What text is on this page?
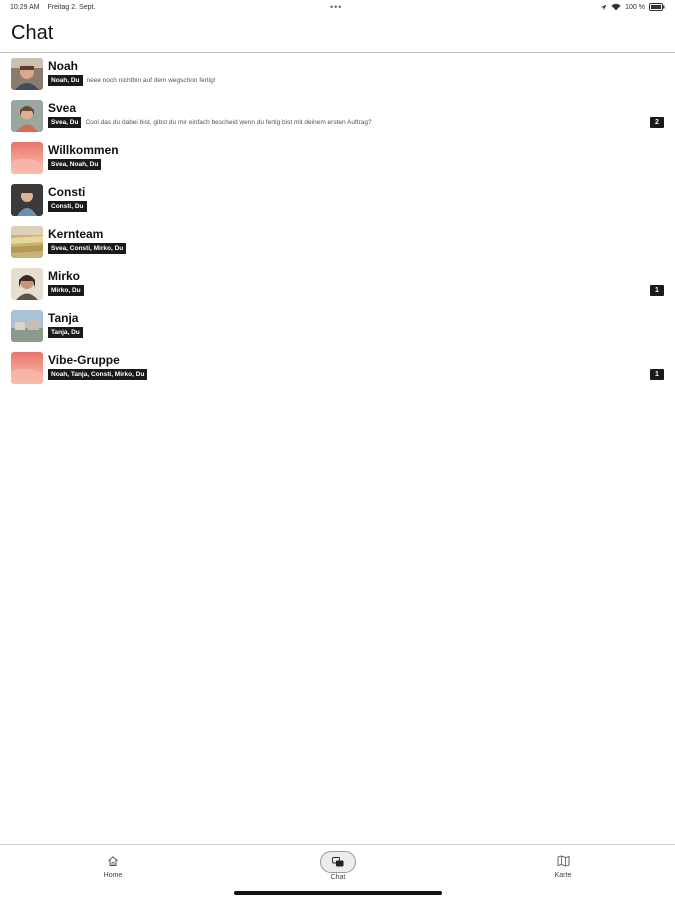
10:29 AM Freitag 2. Sept.	•••	100 %
Chat
Noah
Noah, Du	neee noch nichtbin auf dem wegschon fertig!
Svea
Svea, Du	Cool das du dabei bist, gibst du mir einfach bescheid wenn du fertig bist mit deinem ersten Auftrag?	2
Willkommen
Svea, Noah, Du
Consti
Consti, Du
Kernteam
Svea, Consti, Mirko, Du
Mirko
Mirko, Du	1
Tanja
Tanja, Du
Vibe-Gruppe
Noah, Tanja, Consti, Mirko, Du	1
Home	Chat	Karte
